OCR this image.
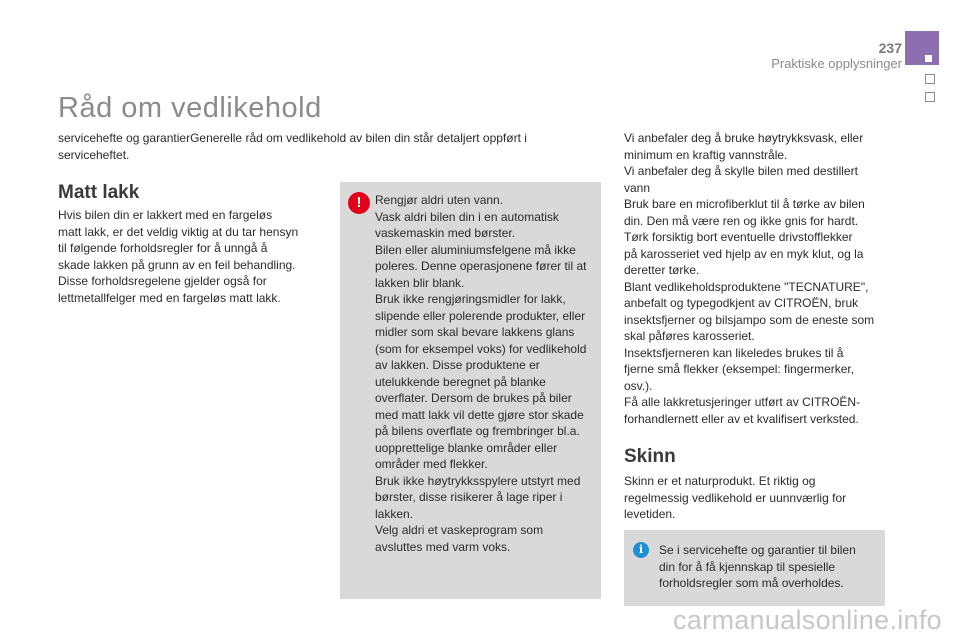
237
Praktiske opplysninger
Råd om vedlikehold

servicehefte og garantierGenerelle råd om vedlikehold av bilen din står detaljert oppført i serviceheftet.

Matt lakk

Hvis bilen din er lakkert med en fargeløs
matt lakk, er det veldig viktig at du tar hensyn
til følgende forholdsregler for å unngå å
skade lakken på grunn av en feil behandling.
Disse forholdsregelene gjelder også for
lettmetallfelger med en fargeløs matt lakk.

!	Rengjør aldri uten vann.
Vask aldri bilen din i en automatisk
vaskemaskin med børster.
Bilen eller aluminiumsfelgene må ikke
poleres. Denne operasjonene fører til at
lakken blir blank.
Bruk ikke rengjøringsmidler for lakk,
slipende eller polerende produkter, eller
midler som skal bevare lakkens glans
(som for eksempel voks) for vedlikehold
av lakken. Disse produktene er
utelukkende beregnet på blanke
overflater. Dersom de brukes på biler
med matt lakk vil dette gjøre stor skade
på bilens overflate og frembringer bl.a.
uopprettelige blanke områder eller
områder med flekker.
Bruk ikke høytrykksspylere utstyrt med
børster, disse risikerer å lage riper i
lakken.
Velg aldri et vaskeprogram som
avsluttes med varm voks.

Vi anbefaler deg å bruke høytrykksvask, eller
minimum en kraftig vannstråle.
Vi anbefaler deg å skylle bilen med destillert
vann
Bruk bare en microfiberklut til å tørke av bilen
din. Den må være ren og ikke gnis for hardt.
Tørk forsiktig bort eventuelle drivstofflekker
på karosseriet ved hjelp av en myk klut, og la
deretter tørke.
Blant vedlikeholdsproduktene "TECNATURE",
anbefalt og typegodkjent av CITROËN, bruk
insektsfjerner og bilsjampo som de eneste som
skal påføres karosseriet.
Insektsfjerneren kan likeledes brukes til å
fjerne små flekker (eksempel: fingermerker,
osv.).
Få alle lakkretusjeringer utført av CITROËN-
forhandlernett eller av et kvalifisert verksted.

Skinn

Skinn er et naturprodukt. Et riktig og
regelmessig vedlikehold er uunnværlig for
levetiden.

i	Se i servicehefte og garantier til bilen
din for å få kjennskap til spesielle
forholdsregler som må overholdes.

carmanualsonline.info
